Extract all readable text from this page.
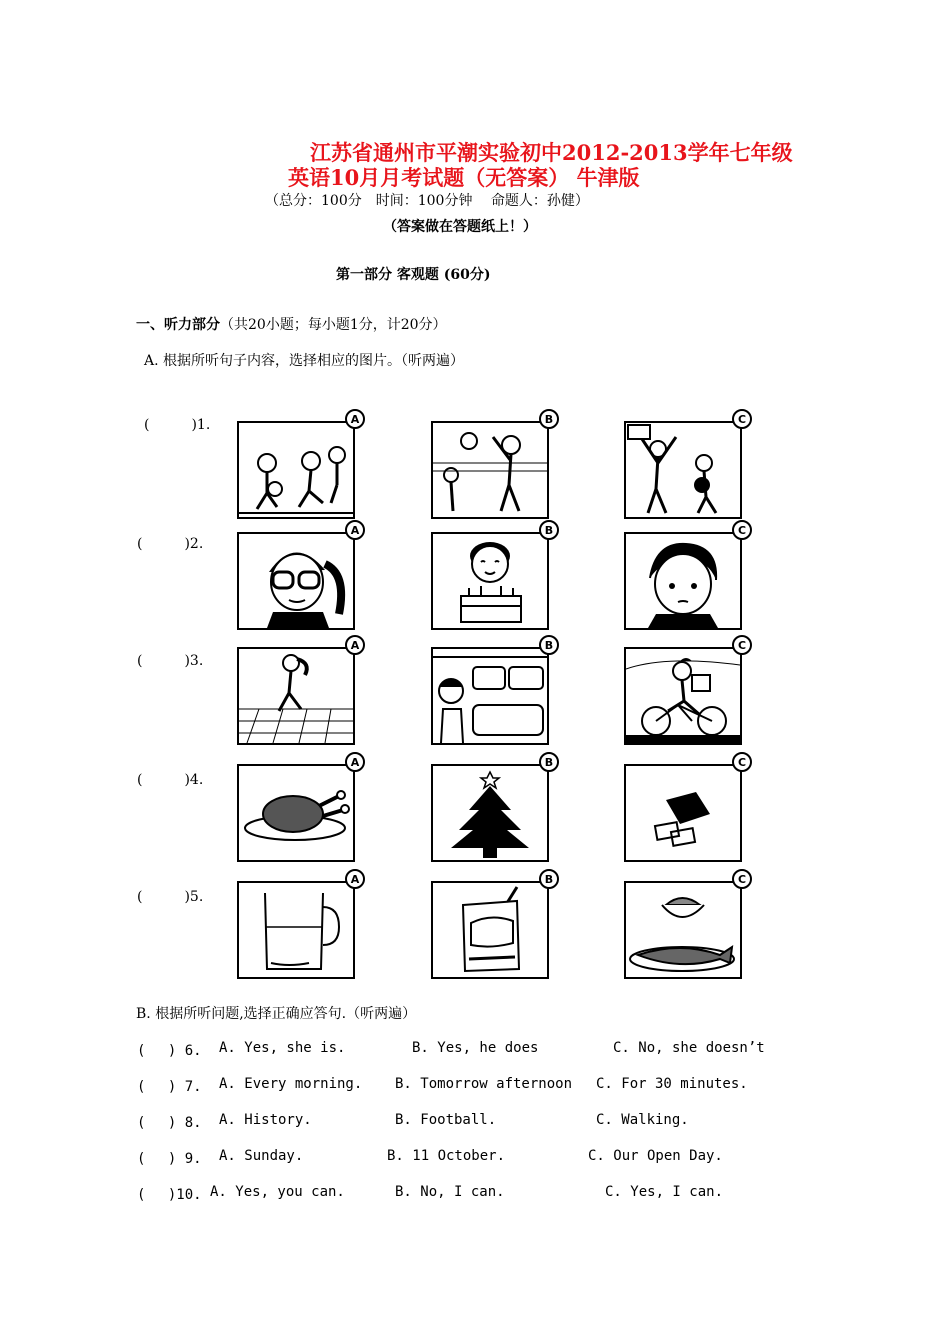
江苏省通州市平潮实验初中2012-2013学年七年级
英语10月月考试题（无答案） 牛津版
（总分：100分　时间：100分钟　 命题人：孙健）
（答案做在答题纸上！）
第一部分 客观题 (60分)
一、听力部分（共20小题；每小题1分，计20分）
A. 根据所听句子内容，选择相应的图片。（听两遍）
(　　　)1.
(　　　)2.
(　　　)3.
(　　　)4.
(　　　)5.
A	B	C
A	B	C
A	B	C
A	B	C
A	B	C
B. 根据所听问题,选择正确应答句.（听两遍）
(　 ) 6. A. Yes, she is.	B. Yes, he does	C. No, she doesn’t
(　 ) 7. A. Every morning. B. Tomorrow afternoon C. For 30 minutes.
(　 ) 8. A. History.	B. Football.	C. Walking.
(　 ) 9. A. Sunday.	B. 11 October.	C. Our Open Day.
(　 )10. A. Yes, you can.	B. No, I can.	C. Yes, I can.
